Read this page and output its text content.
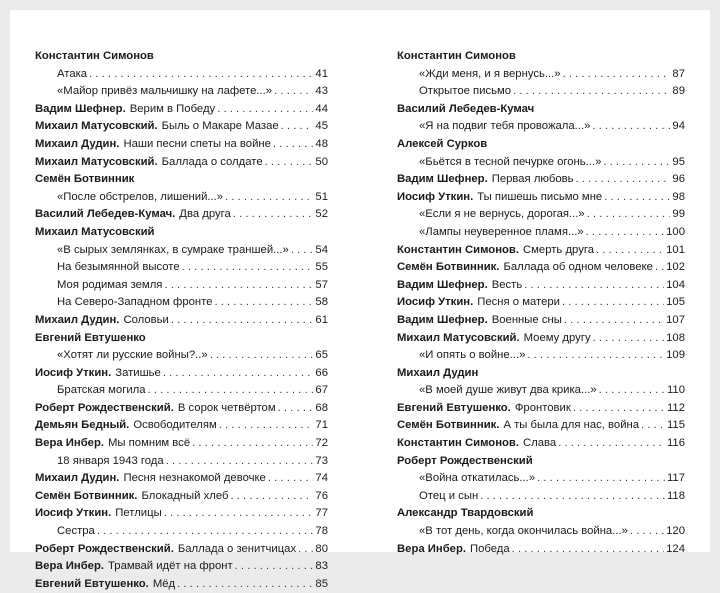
Константин Симонов
Атака . . .	41
«Майор привёз мальчишку на лафете...» . . .	43
Вадим Шефнер. Верим в Победу . . .	44
Михаил Матусовский. Быль о Макаре Мазае . . .	45
Михаил Дудин. Наши песни спеты на войне . . .	48
Михаил Матусовский. Баллада о солдате . . .	50
Семён Ботвинник
«После обстрелов, лишений...» . . .	51
Василий Лебедев-Кумач. Два друга . . .	52
Михаил Матусовский
«В сырых землянках, в сумраке траншей...» . . . 54
На безымянной высоте . . .	55
Моя родимая земля . . .	57
На Северо-Западном фронте . . .	58
Михаил Дудин. Соловьи . . .	61
Евгений Евтушенко
«Хотят ли русские войны?..» . . .	65
Иосиф Уткин. Затишье . . .	66
Братская могила . . .	67
Роберт Рождественский. В сорок четвёртом . . .	68
Демьян Бедный. Освободителям . . .	71
Вера Инбер. Мы помним всё . . .	72
18 января 1943 года . . .	73
Михаил Дудин. Песня незнакомой девочке . . .	74
Семён Ботвинник. Блокадный хлеб . . .	76
Иосиф Уткин. Петлицы . . .	77
Сестра . . .	78
Роберт Рождественский. Баллада о зенитчицах . . . 80
Вера Инбер. Трамвай идёт на фронт . . .	83
Евгений Евтушенко. Мёд . . .	85
Константин Симонов
«Жди меня, и я вернусь...» . . .	87
Открытое письмо . . .	89
Василий Лебедев-Кумач
«Я на подвиг тебя провожала...» . . .	94
Алексей Сурков
«Бьётся в тесной печурке огонь...» . . .	95
Вадим Шефнер. Первая любовь . . .	96
Иосиф Уткин. Ты пишешь письмо мне . . .	98
«Если я не вернусь, дорогая...» . . .	99
«Лампы неуверенное пламя...» . . .	100
Константин Симонов. Смерть друга . . .	101
Семён Ботвинник. Баллада об одном человеке . . . 102
Вадим Шефнер. Весть . . .	104
Иосиф Уткин. Песня о матери . . .	105
Вадим Шефнер. Военные сны . . .	107
Михаил Матусовский. Моему другу . . .	108
«И опять о войне...» . . .	109
Михаил Дудин
«В моей душе живут два крика...» . . .	110
Евгений Евтушенко. Фронтовик . . .	112
Семён Ботвинник. А ты была для нас, война . . . 115
Константин Симонов. Слава . . .	116
Роберт Рождественский
«Война откатилась...» . . .	117
Отец и сын . . .	118
Александр Твардовский
«В тот день, когда окончилась война...» . . .	120
Вера Инбер. Победа . . .	124
